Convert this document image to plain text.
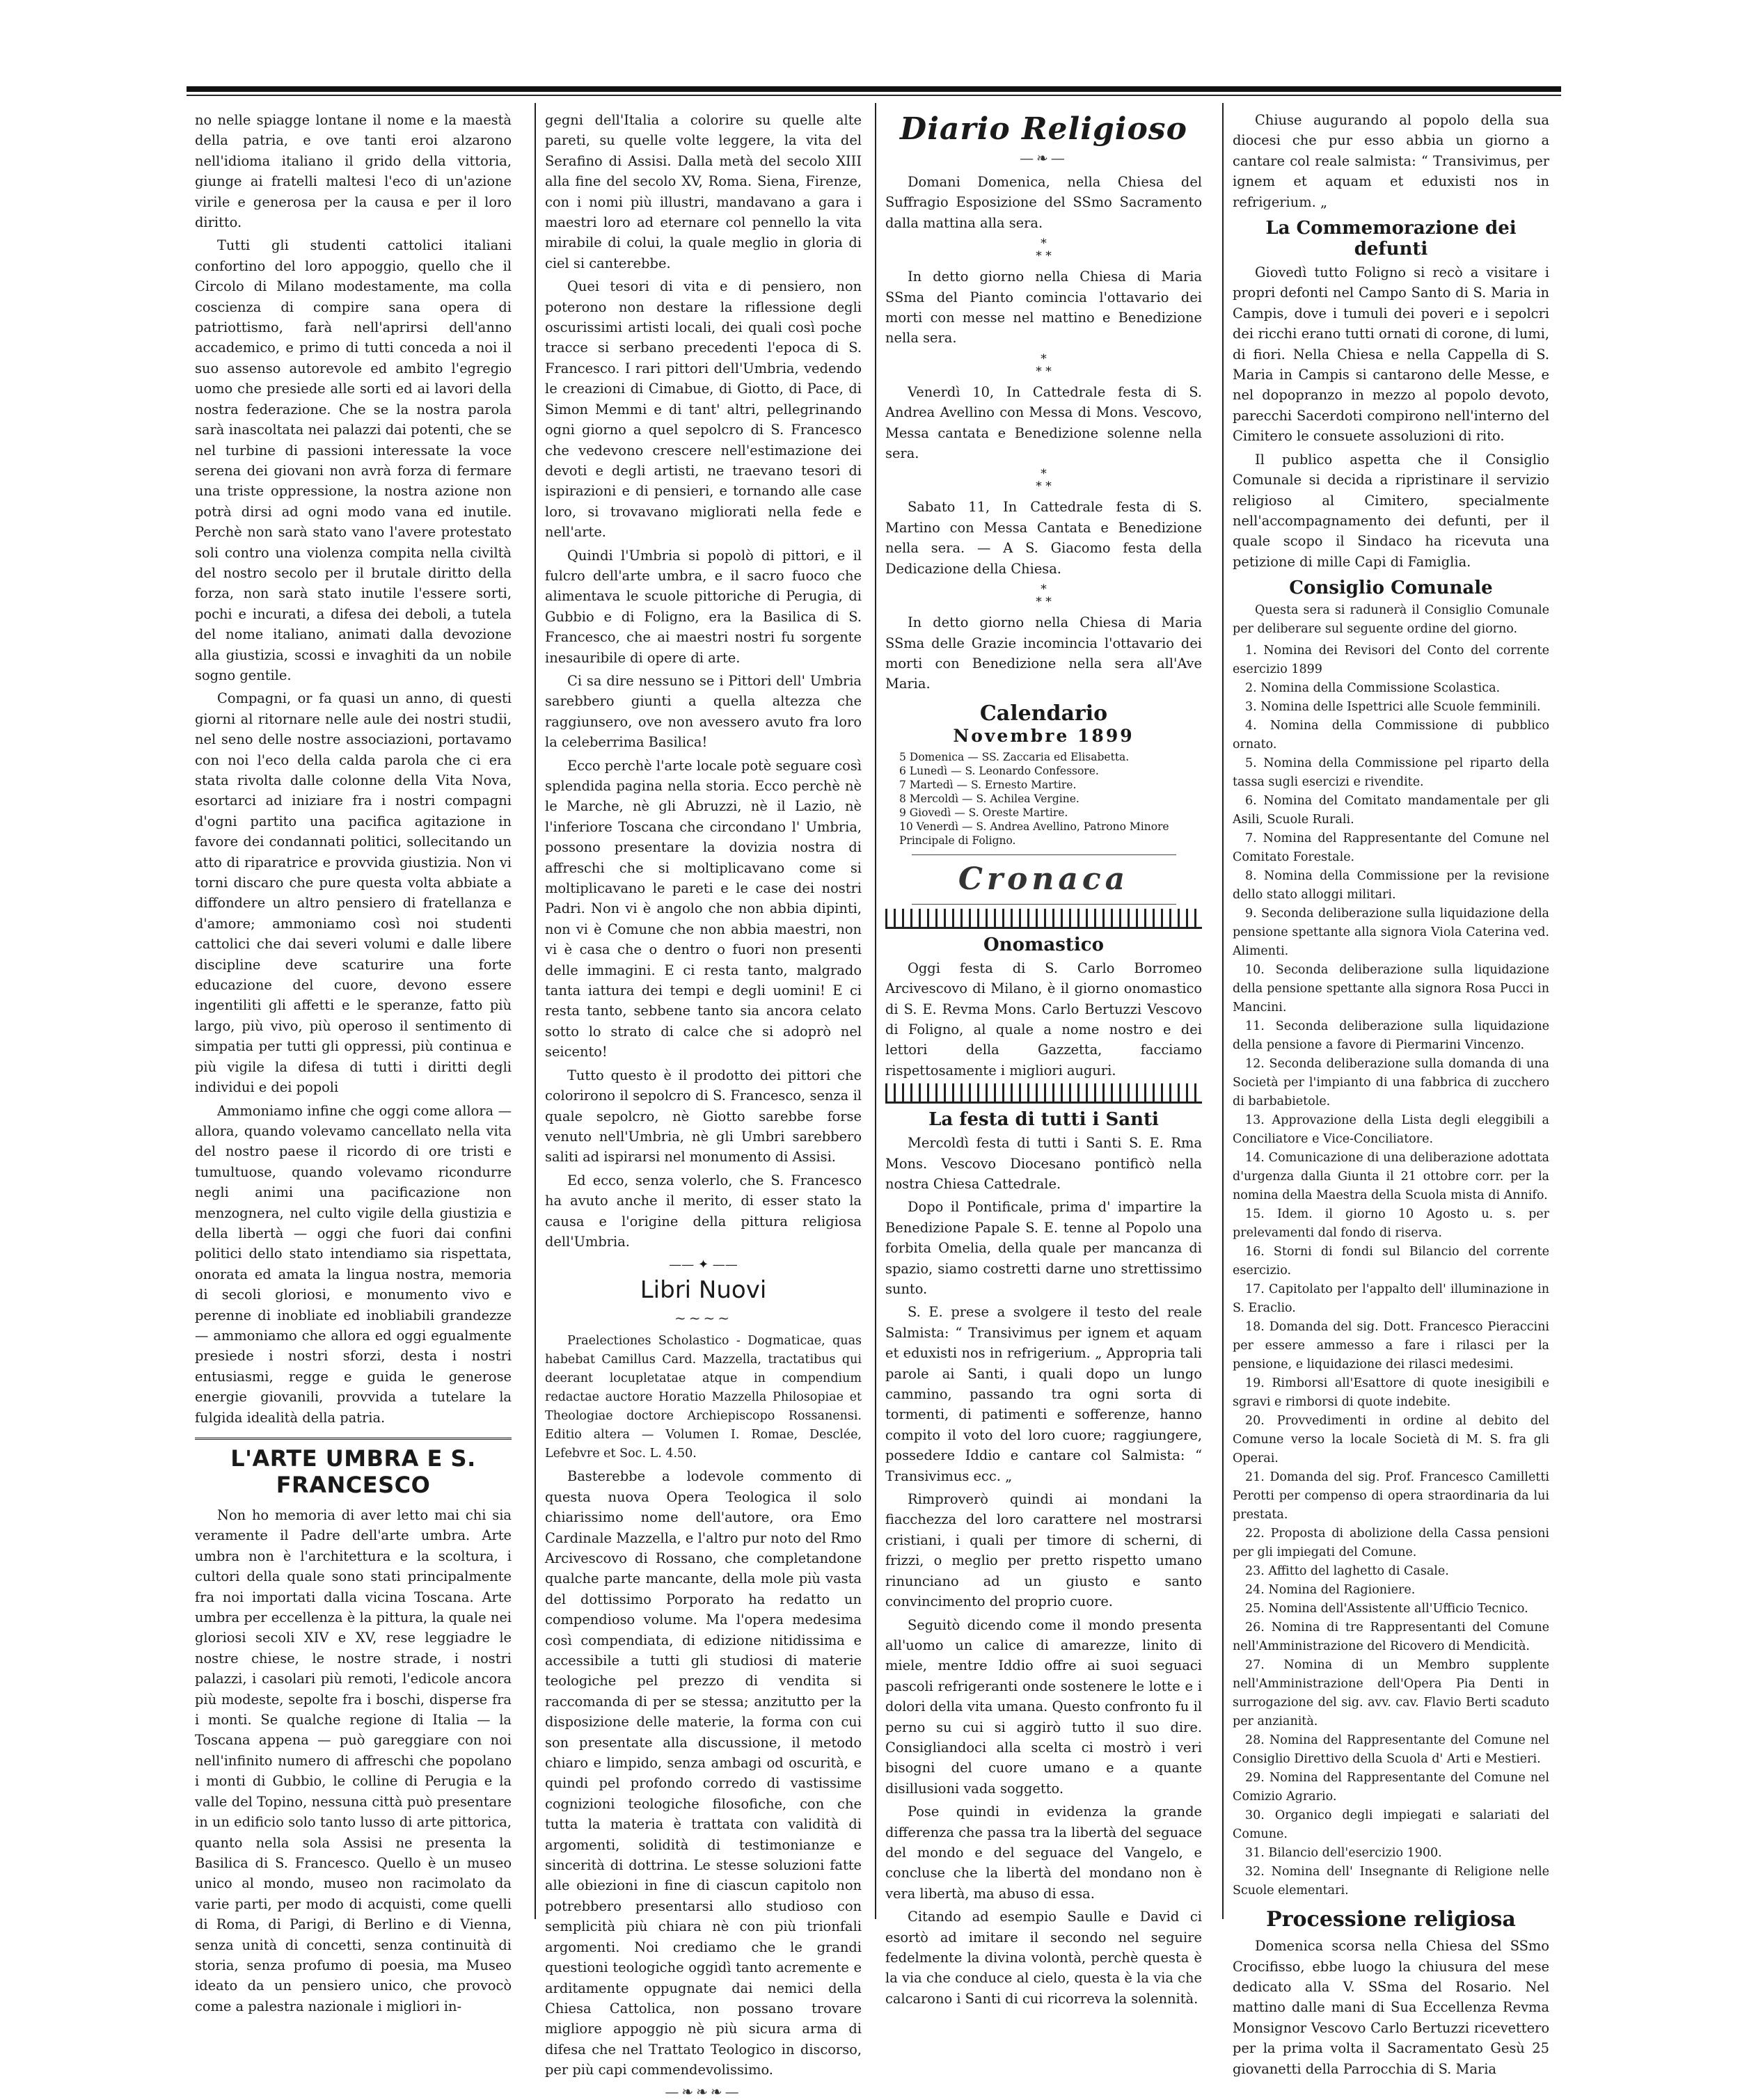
no nelle spiagge lontane il nome e la maestà della patria, e ove tanti eroi alzarono nell'idioma italiano il grido della vittoria, giunge ai fratelli maltesi l'eco di un'azione virile e generosa per la causa e per il loro diritto.

Tutti gli studenti cattolici italiani confortino del loro appoggio, quello che il Circolo di Milano modestamente, ma colla coscienza di compire sana opera di patriottismo, farà nell'aprirsi dell'anno accademico, e primo di tutti conceda a noi il suo assenso autorevole ed ambito l'egregio uomo che presiede alle sorti ed ai lavori della nostra federazione. Che se la nostra parola sarà inascoltata nei palazzi dai potenti, che se nel turbine di passioni interessate la voce serena dei giovani non avrà forza di fermare una triste oppressione, la nostra azione non potrà dirsi ad ogni modo vana ed inutile. Perchè non sarà stato vano l'avere protestato soli contro una violenza compita nella civiltà del nostro secolo per il brutale diritto della forza, non sarà stato inutile l'essere sorti, pochi e incurati, a difesa dei deboli, a tutela del nome italiano, animati dalla devozione alla giustizia, scossi e invaghiti da un nobile sogno gentile.

Compagni, or fa quasi un anno, di questi giorni al ritornare nelle aule dei nostri studii, nel seno delle nostre associazioni, portavamo con noi l'eco della calda parola che ci era stata rivolta dalle colonne della Vita Nova, esortarci ad iniziare fra i nostri compagni d'ogni partito una pacifica agitazione in favore dei condannati politici, sollecitando un atto di riparatrice e provvida giustizia. Non vi torni discaro che pure questa volta abbiate a diffondere un altro pensiero di fratellanza e d'amore; ammoniamo così noi studenti cattolici che dai severi volumi e dalle libere discipline deve scaturire una forte educazione del cuore, devono essere ingentiliti gli affetti e le speranze, fatto più largo, più vivo, più operoso il sentimento di simpatia per tutti gli oppressi, più continua e più vigile la difesa di tutti i diritti degli individui e dei popoli

Ammoniamo infine che oggi come allora — allora, quando volevamo cancellato nella vita del nostro paese il ricordo di ore tristi e tumultuose, quando volevamo ricondurre negli animi una pacificazione non menzognera, nel culto vigile della giustizia e della libertà — oggi che fuori dai confini politici dello stato intendiamo sia rispettata, onorata ed amata la lingua nostra, memoria di secoli gloriosi, e monumento vivo e perenne di inobliate ed inobliabili grandezze — ammoniamo che allora ed oggi egualmente presiede i nostri sforzi, desta i nostri entusiasmi, regge e guida le generose energie giovanili, provvida a tutelare la fulgida idealità della patria.

L'ARTE UMBRA E S. FRANCESCO

Non ho memoria di aver letto mai chi sia veramente il Padre dell'arte umbra. Arte umbra non è l'architettura e la scoltura, i cultori della quale sono stati principalmente fra noi importati dalla vicina Toscana. Arte umbra per eccellenza è la pittura, la quale nei gloriosi secoli XIV e XV, rese leggiadre le nostre chiese, le nostre strade, i nostri palazzi, i casolari più remoti, l'edicole ancora più modeste, sepolte fra i boschi, disperse fra i monti. Se qualche regione di Italia — la Toscana appena — può gareggiare con noi nell'infinito numero di affreschi che popolano i monti di Gubbio, le colline di Perugia e la valle del Topino, nessuna città può presentare in un edificio solo tanto lusso di arte pittorica, quanto nella sola Assisi ne presenta la Basilica di S. Francesco. Quello è un museo unico al mondo, museo non racimolato da varie parti, per modo di acquisti, come quelli di Roma, di Parigi, di Berlino e di Vienna, senza unità di concetti, senza continuità di storia, senza profumo di poesia, ma Museo ideato da un pensiero unico, che provocò come a palestra nazionale i migliori in-

gegni dell'Italia a colorire su quelle alte pareti, su quelle volte leggere, la vita del Serafino di Assisi. Dalla metà del secolo XIII alla fine del secolo XV, Roma. Siena, Firenze, con i nomi più illustri, mandavano a gara i maestri loro ad eternare col pennello la vita mirabile di colui, la quale meglio in gloria di ciel si canterebbe.

Quei tesori di vita e di pensiero, non poterono non destare la riflessione degli oscurissimi artisti locali, dei quali così poche tracce si serbano precedenti l'epoca di S. Francesco. I rari pittori dell'Umbria, vedendo le creazioni di Cimabue, di Giotto, di Pace, di Simon Memmi e di tant' altri, pellegrinando ogni giorno a quel sepolcro di S. Francesco che vedevono crescere nell'estimazione dei devoti e degli artisti, ne traevano tesori di ispirazioni e di pensieri, e tornando alle case loro, si trovavano migliorati nella fede e nell'arte.

Quindi l'Umbria si popolò di pittori, e il fulcro dell'arte umbra, e il sacro fuoco che alimentava le scuole pittoriche di Perugia, di Gubbio e di Foligno, era la Basilica di S. Francesco, che ai maestri nostri fu sorgente inesauribile di opere di arte.

Ci sa dire nessuno se i Pittori dell' Umbria sarebbero giunti a quella altezza che raggiunsero, ove non avessero avuto fra loro la celeberrima Basilica!

Ecco perchè l'arte locale potè seguare così splendida pagina nella storia. Ecco perchè nè le Marche, nè gli Abruzzi, nè il Lazio, nè l'inferiore Toscana che circondano l' Umbria, possono presentare la dovizia nostra di affreschi che si moltiplicavano come si moltiplicavano le pareti e le case dei nostri Padri. Non vi è angolo che non abbia dipinti, non vi è Comune che non abbia maestri, non vi è casa che o dentro o fuori non presenti delle immagini. E ci resta tanto, malgrado tanta iattura dei tempi e degli uomini! E ci resta tanto, sebbene tanto sia ancora celato sotto lo strato di calce che si adoprò nel seicento!

Tutto questo è il prodotto dei pittori che colorirono il sepolcro di S. Francesco, senza il quale sepolcro, nè Giotto sarebbe forse venuto nell'Umbria, nè gli Umbri sarebbero saliti ad ispirarsi nel monumento di Assisi.

Ed ecco, senza volerlo, che S. Francesco ha avuto anche il merito, di esser stato la causa e l'origine della pittura religiosa dell'Umbria.

—— ✦ ——
Libri Nuovi
~~~~

Praelectiones Scholastico - Dogmaticae, quas habebat Camillus Card. Mazzella, tractatibus qui deerant locupletatae atque in compendium redactae auctore Horatio Mazzella Philosopiae et Theologiae doctore Archiepiscopo Rossanensi. Editio altera — Volumen I. Romae, Desclée, Lefebvre et Soc. L. 4.50.

Basterebbe a lodevole commento di questa nuova Opera Teologica il solo chiarissimo nome dell'autore, ora Emo Cardinale Mazzella, e l'altro pur noto del Rmo Arcivescovo di Rossano, che completandone qualche parte mancante, della mole più vasta del dottissimo Porporato ha redatto un compendioso volume. Ma l'opera medesima così compendiata, di edizione nitidissima e accessibile a tutti gli studiosi di materie teologiche pel prezzo di vendita si raccomanda di per se stessa; anzitutto per la disposizione delle materie, la forma con cui son presentate alla discussione, il metodo chiaro e limpido, senza ambagi od oscurità, e quindi pel profondo corredo di vastissime cognizioni teologiche filosofiche, con che tutta la materia è trattata con validità di argomenti, solidità di testimonianze e sincerità di dottrina. Le stesse soluzioni fatte alle obiezioni in fine di ciascun capitolo non potrebbero presentarsi allo studioso con semplicità più chiara nè con più trionfali argomenti. Noi crediamo che le grandi questioni teologiche oggidì tanto acremente e arditamente oppugnate dai nemici della Chiesa Cattolica, non possano trovare migliore appoggio nè più sicura arma di difesa che nel Trattato Teologico in discorso, per più capi commendevolissimo.

—❧❧❧—
Diario Religioso
—❧—

Domani Domenica, nella Chiesa del Suffragio Esposizione del SSmo Sacramento dalla mattina alla sera.

*
* *

In detto giorno nella Chiesa di Maria SSma del Pianto comincia l'ottavario dei morti con messe nel mattino e Benedizione nella sera.

*
* *

Venerdì 10, In Cattedrale festa di S. Andrea Avellino con Messa di Mons. Vescovo, Messa cantata e Benedizione solenne nella sera.

*
* *

Sabato 11, In Cattedrale festa di S. Martino con Messa Cantata e Benedizione nella sera. — A S. Giacomo festa della Dedicazione della Chiesa.

*
* *

In detto giorno nella Chiesa di Maria SSma delle Grazie incomincia l'ottavario dei morti con Benedizione nella sera all'Ave Maria.

Calendario
Novembre 1899
5 Domenica — SS. Zaccaria ed Elisabetta.
6 Lunedì — S. Leonardo Confessore.
7 Martedì — S. Ernesto Martire.
8 Mercoldì — S. Achilea Vergine.
9 Giovedì — S. Oreste Martire.
10 Venerdì — S. Andrea Avellino, Patrono Minore Principale di Foligno.
Cronaca
Onomastico

Oggi festa di S. Carlo Borromeo Arcivescovo di Milano, è il giorno onomastico di S. E. Revma Mons. Carlo Bertuzzi Vescovo di Foligno, al quale a nome nostro e dei lettori della Gazzetta, facciamo rispettosamente i migliori auguri.

La festa di tutti i Santi

Mercoldì festa di tutti i Santi S. E. Rma Mons. Vescovo Diocesano pontificò nella nostra Chiesa Cattedrale.

Dopo il Pontificale, prima d' impartire la Benedizione Papale S. E. tenne al Popolo una forbita Omelia, della quale per mancanza di spazio, siamo costretti darne uno strettissimo sunto.

S. E. prese a svolgere il testo del reale Salmista: “ Transivimus per ignem et aquam et eduxisti nos in refrigerium. „ Appropria tali parole ai Santi, i quali dopo un lungo cammino, passando tra ogni sorta di tormenti, di patimenti e sofferenze, hanno compito il voto del loro cuore; raggiungere, possedere Iddio e cantare col Salmista: “ Transivimus ecc. „

Rimproverò quindi ai mondani la fiacchezza del loro carattere nel mostrarsi cristiani, i quali per timore di scherni, di frizzi, o meglio per pretto rispetto umano rinunciano ad un giusto e santo convincimento del proprio cuore.

Seguitò dicendo come il mondo presenta all'uomo un calice di amarezze, linito di miele, mentre Iddio offre ai suoi seguaci pascoli refrigeranti onde sostenere le lotte e i dolori della vita umana. Questo confronto fu il perno su cui si aggirò tutto il suo dire. Consigliandoci alla scelta ci mostrò i veri bisogni del cuore umano e a quante disillusioni vada soggetto.

Pose quindi in evidenza la grande differenza che passa tra la libertà del seguace del mondo e del seguace del Vangelo, e concluse che la libertà del mondano non è vera libertà, ma abuso di essa.

Citando ad esempio Saulle e David ci esortò ad imitare il secondo nel seguire fedelmente la divina volontà, perchè questa è la via che conduce al cielo, questa è la via che calcarono i Santi di cui ricorreva la solennità.

Chiuse augurando al popolo della sua diocesi che pur esso abbia un giorno a cantare col reale salmista: “ Transivimus, per ignem et aquam et eduxisti nos in refrigerium. „

La Commemorazione dei defunti

Giovedì tutto Foligno si recò a visitare i propri defonti nel Campo Santo di S. Maria in Campis, dove i tumuli dei poveri e i sepolcri dei ricchi erano tutti ornati di corone, di lumi, di fiori. Nella Chiesa e nella Cappella di S. Maria in Campis si cantarono delle Messe, e nel dopopranzo in mezzo al popolo devoto, parecchi Sacerdoti compirono nell'interno del Cimitero le consuete assoluzioni di rito.

Il publico aspetta che il Consiglio Comunale si decida a ripristinare il servizio religioso al Cimitero, specialmente nell'accompagnamento dei defunti, per il quale scopo il Sindaco ha ricevuta una petizione di mille Capi di Famiglia.

Consiglio Comunale

Questa sera si radunerà il Consiglio Comunale per deliberare sul seguente ordine del giorno.

1. Nomina dei Revisori del Conto del corrente esercizio 1899
2. Nomina della Commissione Scolastica.
3. Nomina delle Ispettrici alle Scuole femminili.
4. Nomina della Commissione di pubblico ornato.
5. Nomina della Commissione pel riparto della tassa sugli esercizi e rivendite.
6. Nomina del Comitato mandamentale per gli Asili, Scuole Rurali.
7. Nomina del Rappresentante del Comune nel Comitato Forestale.
8. Nomina della Commissione per la revisione dello stato alloggi militari.
9. Seconda deliberazione sulla liquidazione della pensione spettante alla signora Viola Caterina ved. Alimenti.
10. Seconda deliberazione sulla liquidazione della pensione spettante alla signora Rosa Pucci in Mancini.
11. Seconda deliberazione sulla liquidazione della pensione a favore di Piermarini Vincenzo.
12. Seconda deliberazione sulla domanda di una Società per l'impianto di una fabbrica di zucchero di barbabietole.
13. Approvazione della Lista degli eleggibili a Conciliatore e Vice-Conciliatore.
14. Comunicazione di una deliberazione adottata d'urgenza dalla Giunta il 21 ottobre corr. per la nomina della Maestra della Scuola mista di Annifo.
15. Idem. il giorno 10 Agosto u. s. per prelevamenti dal fondo di riserva.
16. Storni di fondi sul Bilancio del corrente esercizio.
17. Capitolato per l'appalto dell' illuminazione in S. Eraclio.
18. Domanda del sig. Dott. Francesco Pieraccini per essere ammesso a fare i rilasci per la pensione, e liquidazione dei rilasci medesimi.
19. Rimborsi all'Esattore di quote inesigibili e sgravi e rimborsi di quote indebite.
20. Provvedimenti in ordine al debito del Comune verso la locale Società di M. S. fra gli Operai.
21. Domanda del sig. Prof. Francesco Camilletti Perotti per compenso di opera straordinaria da lui prestata.
22. Proposta di abolizione della Cassa pensioni per gli impiegati del Comune.
23. Affitto del laghetto di Casale.
24. Nomina del Ragioniere.
25. Nomina dell'Assistente all'Ufficio Tecnico.
26. Nomina di tre Rappresentanti del Comune nell'Amministrazione del Ricovero di Mendicità.
27. Nomina di un Membro supplente nell'Amministrazione dell'Opera Pia Denti in surrogazione del sig. avv. cav. Flavio Berti scaduto per anzianità.
28. Nomina del Rappresentante del Comune nel Consiglio Direttivo della Scuola d' Arti e Mestieri.
29. Nomina del Rappresentante del Comune nel Comizio Agrario.
30. Organico degli impiegati e salariati del Comune.
31. Bilancio dell'esercizio 1900.
32. Nomina dell' Insegnante di Religione nelle Scuole elementari.
Processione religiosa

Domenica scorsa nella Chiesa del SSmo Crocifisso, ebbe luogo la chiusura del mese dedicato alla V. SSma del Rosario. Nel mattino dalle mani di Sua Eccellenza Revma Monsignor Vescovo Carlo Bertuzzi ricevettero per la prima volta il Sacramentato Gesù 25 giovanetti della Parrocchia di S. Maria
